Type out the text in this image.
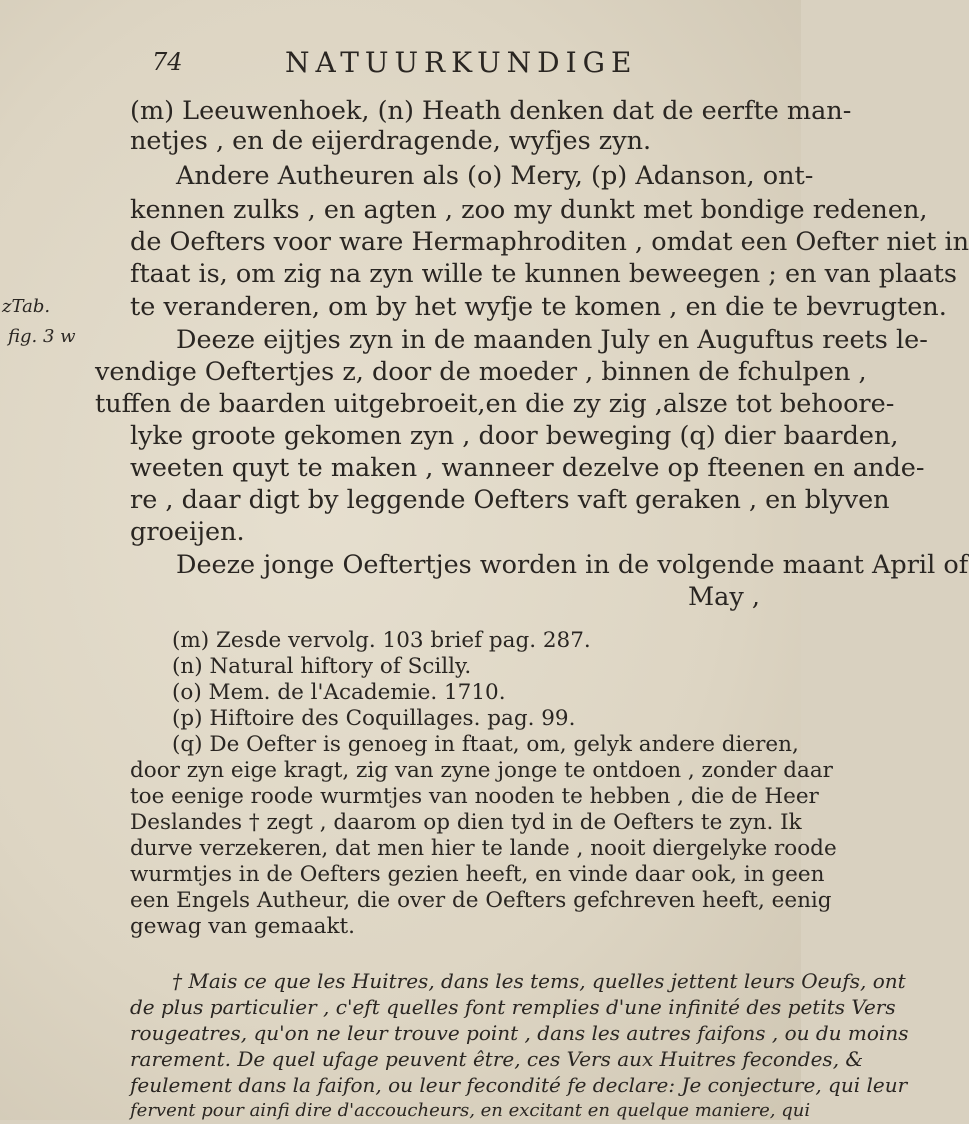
74	NATUURKUNDIGE
zTab.
fig. 3 w
(m) Leeuwenhoek, (n) Heath denken dat de eerfte man-
netjes , en de eijerdragende, wyfjes zyn.
Andere Autheuren als (o) Mery, (p) Adanson, ont-
kennen zulks , en agten , zoo my dunkt met bondige redenen,
de Oefters voor ware Hermaphroditen , omdat een Oefter niet in
ftaat is, om zig na zyn wille te kunnen beweegen ; en van plaats
te veranderen, om by het wyfje te komen , en die te bevrugten.
Deeze eijtjes zyn in de maanden July en Auguftus reets le-
vendige Oeftertjes z, door de moeder , binnen de fchulpen ,
tuffen de baarden uitgebroeit,en die zy zig ,alsze tot behoore-
lyke groote gekomen zyn , door beweging (q) dier baarden,
weeten quyt te maken , wanneer dezelve op fteenen en ande-
re , daar digt by leggende Oefters vaft geraken , en blyven
groeijen.
Deeze jonge Oeftertjes worden in de volgende maant April of
May ,
(m) Zesde vervolg. 103 brief pag. 287.
(n) Natural hiftory of Scilly.
(o) Mem. de l'Academie. 1710.
(p) Hiftoire des Coquillages. pag. 99.
(q) De Oefter is genoeg in ftaat, om, gelyk andere dieren,
door zyn eige kragt, zig van zyne jonge te ontdoen , zonder daar
toe eenige roode wurmtjes van nooden te hebben , die de Heer
Deslandes † zegt , daarom op dien tyd in de Oefters te zyn. Ik
durve verzekeren, dat men hier te lande , nooit diergelyke roode
wurmtjes in de Oefters gezien heeft, en vinde daar ook, in geen
een Engels Autheur, die over de Oefters gefchreven heeft, eenig
gewag van gemaakt.
† Mais ce que les Huitres, dans les tems, quelles jettent leurs Oeufs, ont
de plus particulier , c'eft quelles font remplies d'une infinité des petits Vers
rougeatres, qu'on ne leur trouve point , dans les autres faifons , ou du moins
rarement. De quel ufage peuvent être, ces Vers aux Huitres fecondes, &
feulement dans la faifon, ou leur fecondité fe declare: Je conjecture, qui leur
fervent pour ainfi dire d'accoucheurs, en excitant en quelque maniere, qui
